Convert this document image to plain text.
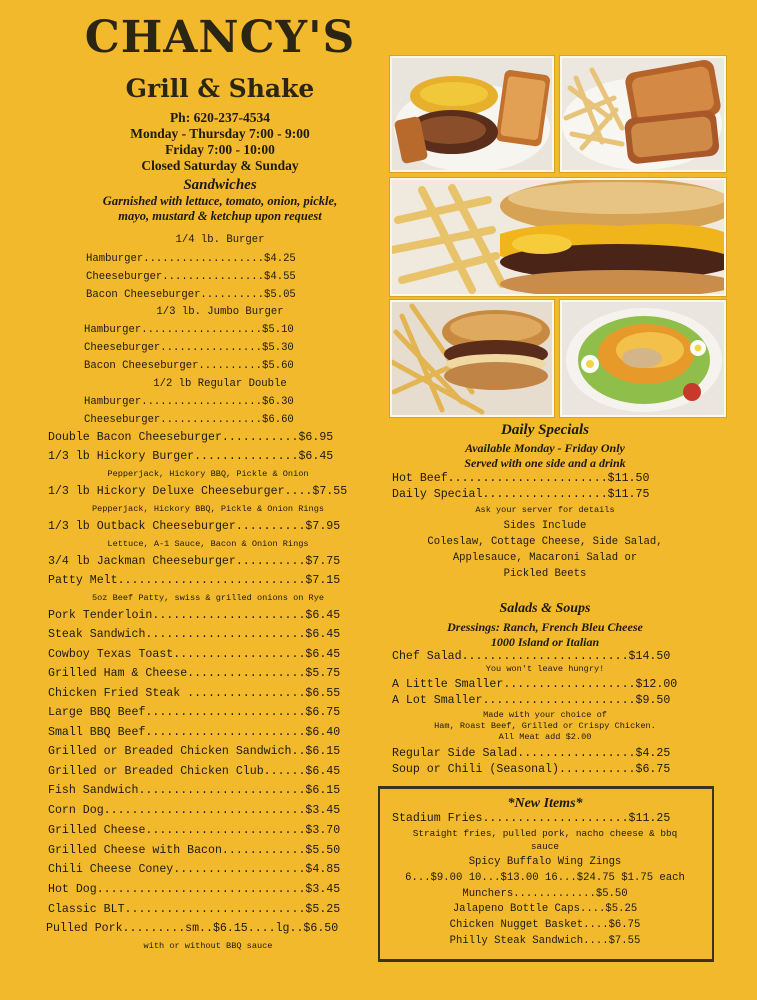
CHANCY'S
Grill & Shake
Ph: 620-237-4534
Monday - Thursday 7:00 - 9:00
Friday 7:00 - 10:00
Closed Saturday & Sunday
Sandwiches
Garnished with lettuce, tomato, onion, pickle,
mayo, mustard & ketchup upon request
1/4 lb. Burger
Hamburger...................$4.25
Cheeseburger................$4.55
Bacon Cheeseburger..........$5.05
1/3 lb. Jumbo Burger
Hamburger...................$5.10
Cheeseburger................$5.30
Bacon Cheeseburger..........$5.60
1/2 lb Regular Double
Hamburger...................$6.30
Cheeseburger................$6.60
Double Bacon Cheeseburger...........$6.95
1/3 lb Hickory Burger...............$6.45
Pepperjack, Hickory BBQ, Pickle & Onion
1/3 lb Hickory Deluxe Cheeseburger....$7.55
Pepperjack, Hickory BBQ, Pickle & Onion Rings
1/3 lb Outback Cheeseburger..........$7.95
Lettuce, A-1 Sauce, Bacon & Onion Rings
3/4 lb Jackman Cheeseburger..........$7.75
Patty Melt...........................$7.15
5oz Beef Patty, swiss & grilled onions on Rye
Pork Tenderloin......................$6.45
Steak Sandwich.......................$6.45
Cowboy Texas Toast...................$6.45
Grilled Ham & Cheese.................$5.75
Chicken Fried Steak .................$6.55
Large BBQ Beef.......................$6.75
Small BBQ Beef.......................$6.40
Grilled or Breaded Chicken Sandwich..$6.15
Grilled or Breaded Chicken Club......$6.45
Fish Sandwich........................$6.15
Corn Dog.............................$3.45
Grilled Cheese.......................$3.70
Grilled Cheese with Bacon............$5.50
Chili Cheese Coney...................$4.85
Hot Dog..............................$3.45
Classic BLT..........................$5.25
Pulled Pork.........sm..$6.15....lg..$6.50
with or without BBQ sauce
Daily Specials
Available Monday - Friday Only
Served with one side and a drink
Hot Beef.......................$11.50
Daily Special..................$11.75
Ask your server for details
Sides Include
Coleslaw, Cottage Cheese, Side Salad,
Applesauce, Macaroni Salad or
Pickled Beets
Salads & Soups
Dressings: Ranch, French Bleu Cheese
1000 Island or Italian
Chef Salad........................$14.50
You won't leave hungry!
A Little Smaller...................$12.00
A Lot Smaller......................$9.50
Made with your choice of
Ham, Roast Beef, Grilled or Crispy Chicken.
All Meat add $2.00
Regular Side Salad.................$4.25
Soup or Chili (Seasonal)...........$6.75
*New Items*
Stadium Fries.....................$11.25
Straight fries, pulled pork, nacho cheese & bbq
sauce
Spicy Buffalo Wing Zings
6...$9.00 10...$13.00 16...$24.75 $1.75 each
Munchers.............$5.50
Jalapeno Bottle Caps....$5.25
Chicken Nugget Basket....$6.75
Philly Steak Sandwich....$7.55
